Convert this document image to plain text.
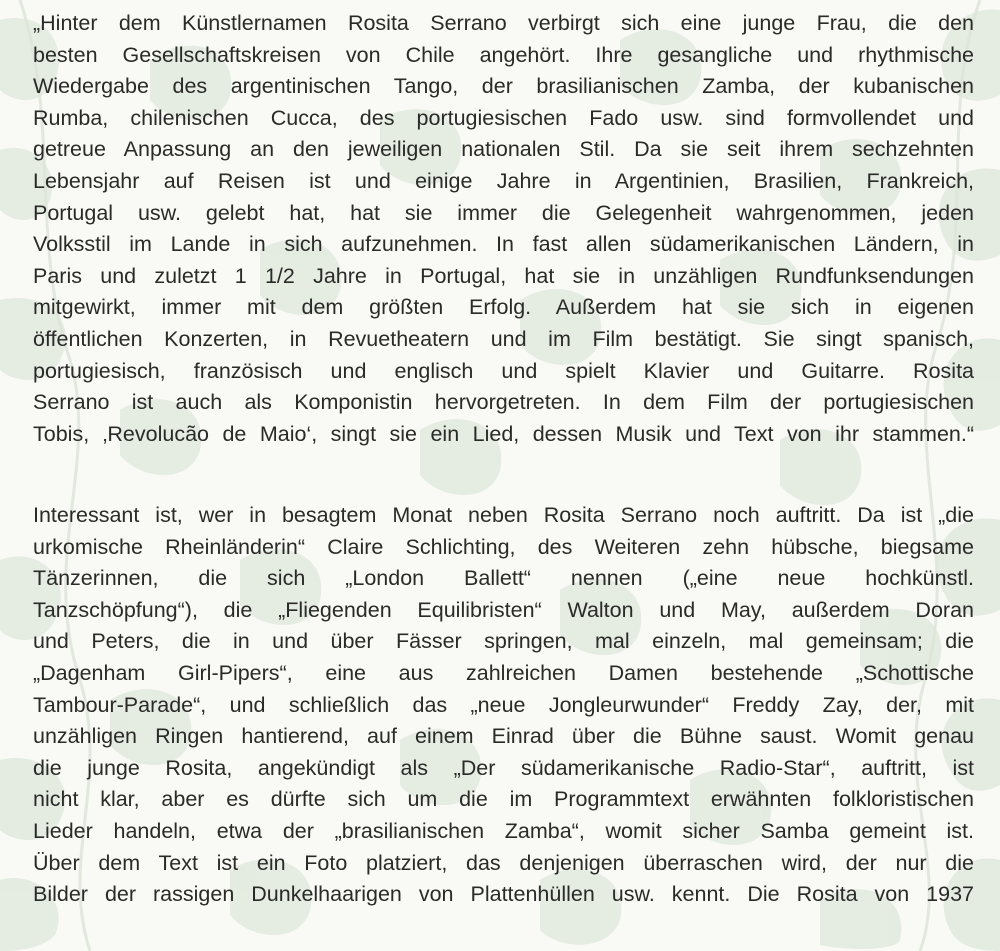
„Hinter dem Künstlernamen Rosita Serrano verbirgt sich eine junge Frau, die den
besten Gesellschaftskreisen von Chile angehört. Ihre gesangliche und rhythmische
Wiedergabe des argentinischen Tango, der brasilianischen Zamba, der kubanischen
Rumba, chilenischen Cucca, des portugiesischen Fado usw. sind formvollendet und
getreue Anpassung an den jeweiligen nationalen Stil. Da sie seit ihrem sechzehnten
Lebensjahr auf Reisen ist und einige Jahre in Argentinien, Brasilien, Frankreich,
Portugal usw. gelebt hat, hat sie immer die Gelegenheit wahrgenommen, jeden
Volksstil im Lande in sich aufzunehmen. In fast allen südamerikanischen Ländern, in
Paris und zuletzt 1 1/2 Jahre in Portugal, hat sie in unzähligen Rundfunksendungen
mitgewirkt, immer mit dem größten Erfolg. Außerdem hat sie sich in eigenen
öffentlichen Konzerten, in Revuetheatern und im Film bestätigt. Sie singt spanisch,
portugiesisch, französisch und englisch und spielt Klavier und Guitarre. Rosita
Serrano ist auch als Komponistin hervorgetreten. In dem Film der portugiesischen
Tobis, ‚Revolucão de Maio‘, singt sie ein Lied, dessen Musik und Text von ihr stammen.“
Interessant ist, wer in besagtem Monat neben Rosita Serrano noch auftritt. Da ist „die
urkomische Rheinländerin“ Claire Schlichting, des Weiteren zehn hübsche, biegsame
Tänzerinnen, die sich „London Ballett“ nennen („eine neue hochkünstl.
Tanzschöpfung“), die „Fliegenden Equilibristen“ Walton und May, außerdem Doran
und Peters, die in und über Fässer springen, mal einzeln, mal gemeinsam; die
„Dagenham Girl-Pipers“, eine aus zahlreichen Damen bestehende „Schottische
Tambour-Parade“, und schließlich das „neue Jongleurwunder“ Freddy Zay, der, mit
unzähligen Ringen hantierend, auf einem Einrad über die Bühne saust. Womit genau
die junge Rosita, angekündigt als „Der südamerikanische Radio-Star“, auftritt, ist
nicht klar, aber es dürfte sich um die im Programmtext erwähnten folkloristischen
Lieder handeln, etwa der „brasilianischen Zamba“, womit sicher Samba gemeint ist.
Über dem Text ist ein Foto platziert, das denjenigen überraschen wird, der nur die
Bilder der rassigen Dunkelhaarigen von Plattenhüllen usw. kennt. Die Rosita von 1937
